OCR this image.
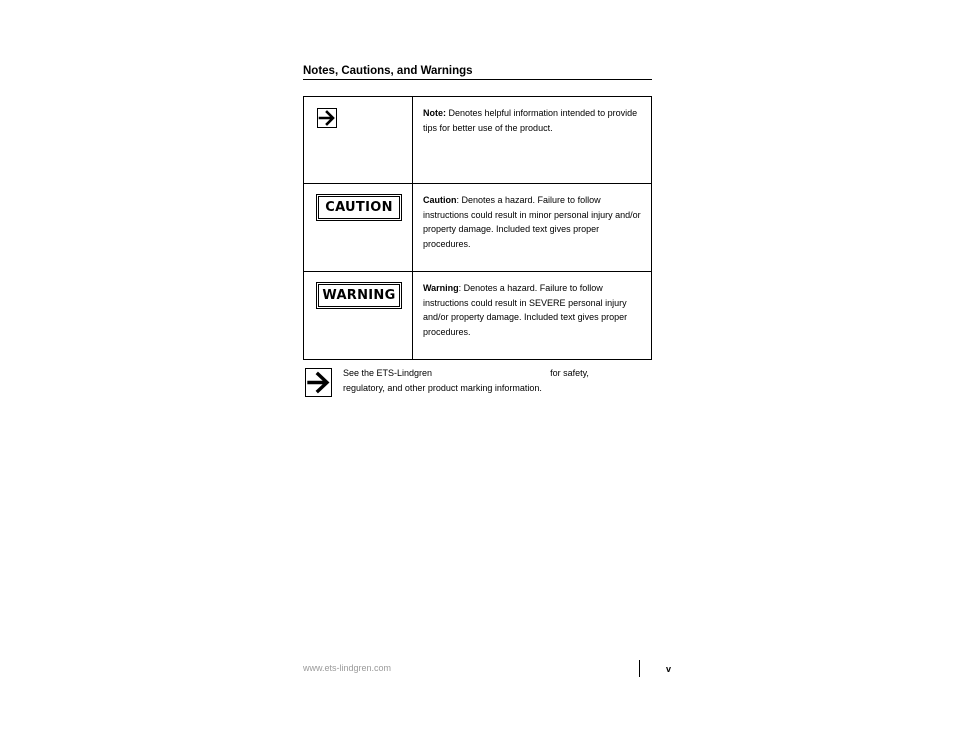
Notes, Cautions, and Warnings
Note: Denotes helpful information intended to provide tips for better use of the product.
CAUTION	Caution: Denotes a hazard. Failure to follow instructions could result in minor personal injury and/or property damage. Included text gives proper procedures.
WARNING	Warning: Denotes a hazard. Failure to follow instructions could result in SEVERE personal injury and/or property damage. Included text gives proper procedures.
See the ETS-Lindgren	for safety,
regulatory, and other product marking information.
www.ets-lindgren.com	v
